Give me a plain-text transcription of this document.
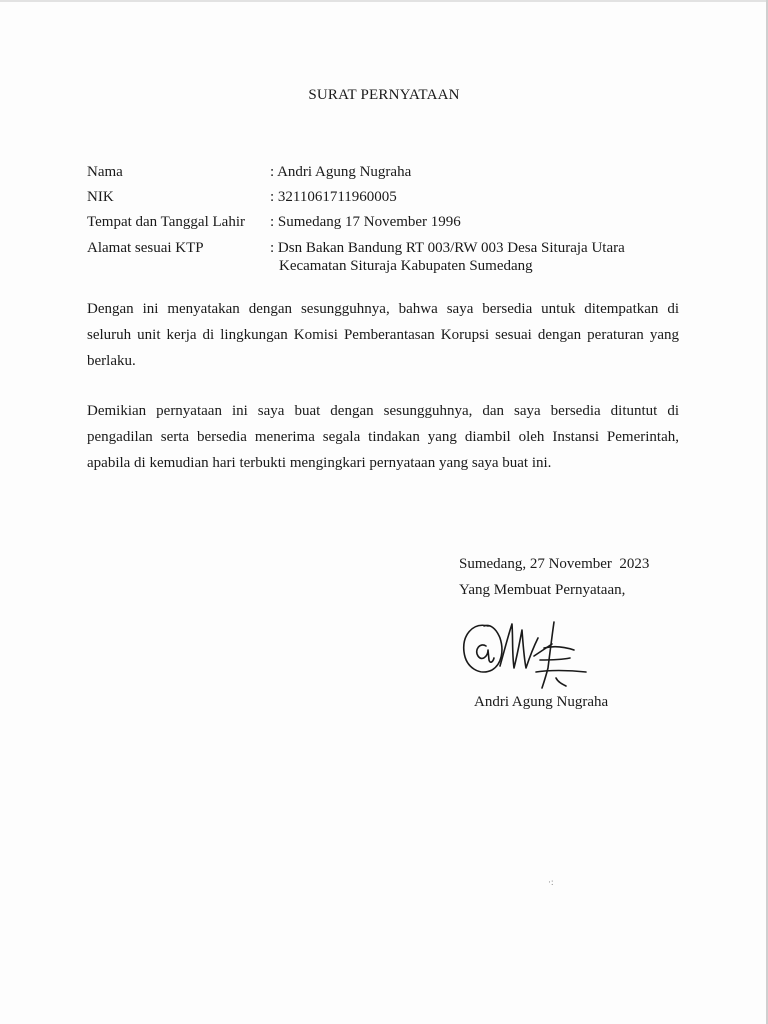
SURAT PERNYATAAN
Nama	: Andri Agung Nugraha
NIK	: 3211061711960005
Tempat dan Tanggal Lahir : Sumedang 17 November 1996
Alamat sesuai KTP	: Dsn Bakan Bandung RT 003/RW 003 Desa Situraja Utara
Kecamatan Situraja Kabupaten Sumedang
Dengan ini menyatakan dengan sesungguhnya, bahwa saya bersedia untuk ditempatkan di
seluruh unit kerja di lingkungan Komisi Pemberantasan Korupsi sesuai dengan peraturan yang
berlaku.
Demikian pernyataan ini saya buat dengan sesungguhnya, dan saya bersedia dituntut di
pengadilan serta bersedia menerima segala tindakan yang diambil oleh Instansi Pemerintah,
apabila di kemudian hari terbukti mengingkari pernyataan yang saya buat ini.
Sumedang, 27 November  2023
Yang Membuat Pernyataan,
Andri Agung Nugraha
·:
